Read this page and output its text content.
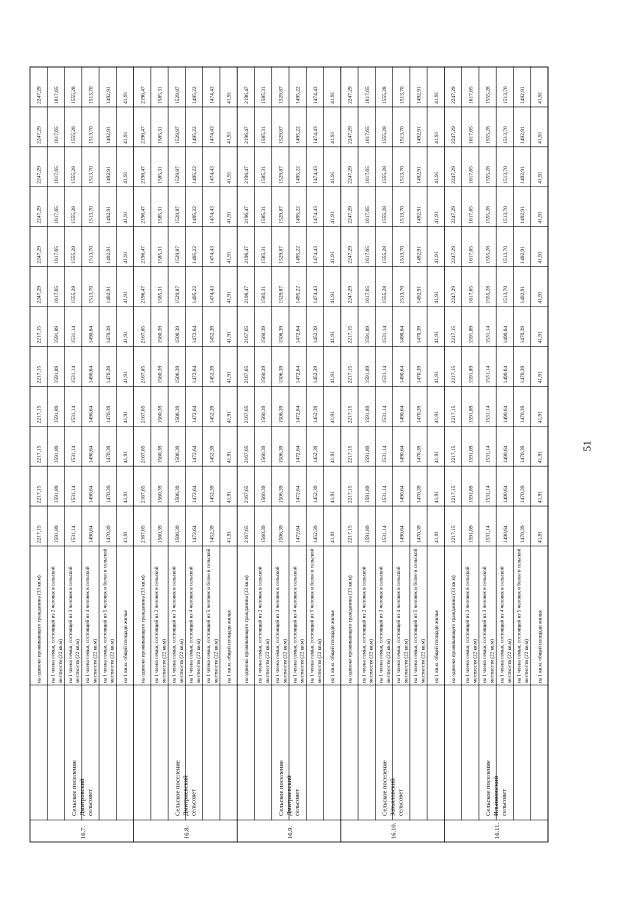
16.7.
Сельское поселение Дмитровский сельсовет
на одиноко проживающего гражданина (33 кв.м)
2217,15
2217,15
2217,15
2217,15
2217,15
2217,15
2247,29
2247,29
2247,29
2247,29
2247,29
2247,29
на 1 члена семьи, состоящей из 2 человек в сельской местности (22 кв.м)
1591,89
1591,89
1591,89
1591,89
1591,89
1591,89
1617,65
1617,65
1617,65
1617,65
1617,65
1617,65
на 1 члена семьи, состоящей из 3 человек в сельской местности (22 кв.м)
1531,14
1531,14
1531,14
1531,14
1531,14
1531,14
1555,28
1555,28
1555,28
1555,28
1555,28
1555,28
на 1 члена семьи, состоящей из 4 человек в сельской местности (22 кв.м)
1490,64
1490,64
1490,64
1490,64
1490,64
1490,64
1513,70
1513,70
1513,70
1513,70
1513,70
1513,70
на 1 члена семьи, состоящей из 5 человек и более в сельской местности (22 кв.м)
1470,39
1470,39
1470,39
1470,39
1470,39
1470,39
1492,91
1492,91
1492,91
1492,91
1492,91
1492,91
на 1 кв.м. общей площади жилья
41,91
41,91
41,91
41,91
41,91
41,91
41,91
41,91
41,91
41,91
41,91
41,91
16.8.
Сельское поселение Дмитриевский сельсовет
на одиноко проживающего гражданина (33 кв.м)
2167,65
2167,65
2167,65
2167,65
2167,65
2167,65
2196,47
2196,47
2196,47
2196,47
2196,47
2196,47
на 1 члена семьи, состоящей из 2 человек в сельской местности (22 кв.м)
1560,39
1560,39
1560,39
1560,39
1560,39
1560,39
1585,31
1585,31
1585,31
1585,31
1585,31
1585,31
на 1 члена семьи, состоящей из 3 человек в сельской местности (22 кв.м)
1506,39
1506,39
1506,39
1506,39
1506,39
1506,39
1529,87
1529,87
1529,87
1529,87
1529,87
1529,87
на 1 члена семьи, состоящей из 4 человек в сельской местности (22 кв.м)
1472,64
1472,64
1472,64
1472,64
1472,64
1472,64
1495,22
1495,22
1495,22
1495,22
1495,22
1495,22
на 1 члена семьи, состоящей из 5 человек и более в сельской местности (22 кв.м)
1452,39
1452,39
1452,39
1452,39
1452,39
1452,39
1474,43
1474,43
1474,43
1474,43
1474,43
1474,43
на 1 кв.м. общей площади жилья
41,91
41,91
41,91
41,91
41,91
41,91
41,91
41,91
41,91
41,91
41,91
41,91
16.9.
Сельское поселение Дмитриевский сельсовет
на одиноко проживающего гражданина (33 кв.м)
2167,65
2167,65
2167,65
2167,65
2167,65
2167,65
2196,47
2196,47
2196,47
2196,47
2196,47
2196,47
на 1 члена семьи, состоящей из 2 человек в сельской местности (22 кв.м)
1560,39
1560,39
1560,39
1560,39
1560,39
1560,39
1585,31
1585,31
1585,31
1585,31
1585,31
1585,31
на 1 члена семьи, состоящей из 3 человек в сельской местности (22 кв.м)
1506,39
1506,39
1506,39
1506,39
1506,39
1506,39
1529,87
1529,87
1529,87
1529,87
1529,87
1529,87
на 1 члена семьи, состоящей из 4 человек в сельской местности (22 кв.м)
1472,64
1472,64
1472,64
1472,64
1472,64
1472,64
1495,22
1495,22
1495,22
1495,22
1495,22
1495,22
на 1 члена семьи, состоящей из 5 человек и более в сельской местности (22 кв.м)
1452,39
1452,39
1452,39
1452,39
1452,39
1452,39
1474,43
1474,43
1474,43
1474,43
1474,43
1474,43
на 1 кв.м. общей площади жилья
41,91
41,91
41,91
41,91
41,91
41,91
41,91
41,91
41,91
41,91
41,91
41,91
16.10.
Сельское поселение Завьяловский сельсовет
на одиноко проживающего гражданина (33 кв.м)
2217,15
2217,15
2217,15
2217,15
2217,15
2217,15
2247,29
2247,29
2247,29
2247,29
2247,29
2247,29
на 1 члена семьи, состоящей из 2 человек в сельской местности (22 кв.м)
1591,89
1591,89
1591,89
1591,89
1591,89
1591,89
1617,65
1617,65
1617,65
1617,65
1617,65
1617,65
на 1 члена семьи, состоящей из 3 человек в сельской местности (22 кв.м)
1531,14
1531,14
1531,14
1531,14
1531,14
1531,14
1555,28
1555,28
1555,28
1555,28
1555,28
1555,28
на 1 члена семьи, состоящей из 4 человек в сельской местности (22 кв.м)
1490,64
1490,64
1490,64
1490,64
1490,64
1490,64
1513,70
1513,70
1513,70
1513,70
1513,70
1513,70
на 1 члена семьи, состоящей из 5 человек и более в сельской местности (22 кв.м)
1470,39
1470,39
1470,39
1470,39
1470,39
1470,39
1492,91
1492,91
1492,91
1492,91
1492,91
1492,91
на 1 кв.м. общей площади жилья
41,91
41,91
41,91
41,91
41,91
41,91
41,91
41,91
41,91
41,91
41,91
41,91
16.11.
Сельское поселение Ильинковский сельсовет
на одиноко проживающего гражданина (33 кв.м)
2217,15
2217,15
2217,15
2217,15
2217,15
2217,15
2247,29
2247,29
2247,29
2247,29
2247,29
2247,29
на 1 члена семьи, состоящей из 2 человек в сельской местности (22 кв.м)
1591,89
1591,89
1591,89
1591,89
1591,89
1591,89
1617,65
1617,65
1617,65
1617,65
1617,65
1617,65
на 1 члена семьи, состоящей из 3 человек в сельской местности (22 кв.м)
1531,14
1531,14
1531,14
1531,14
1531,14
1531,14
1555,28
1555,28
1555,28
1555,28
1555,28
1555,28
на 1 члена семьи, состоящей из 4 человек в сельской местности (22 кв.м)
1490,64
1490,64
1490,64
1490,64
1490,64
1490,64
1513,70
1513,70
1513,70
1513,70
1513,70
1513,70
на 1 члена семьи, состоящей из 5 человек и более в сельской местности (22 кв.м)
1470,39
1470,39
1470,39
1470,39
1470,39
1470,39
1492,91
1492,91
1492,91
1492,91
1492,91
1492,91
на 1 кв.м. общей площади жилья
41,91
41,91
41,91
41,91
41,91
41,91
41,91
41,91
41,91
41,91
41,91
41,91
51
